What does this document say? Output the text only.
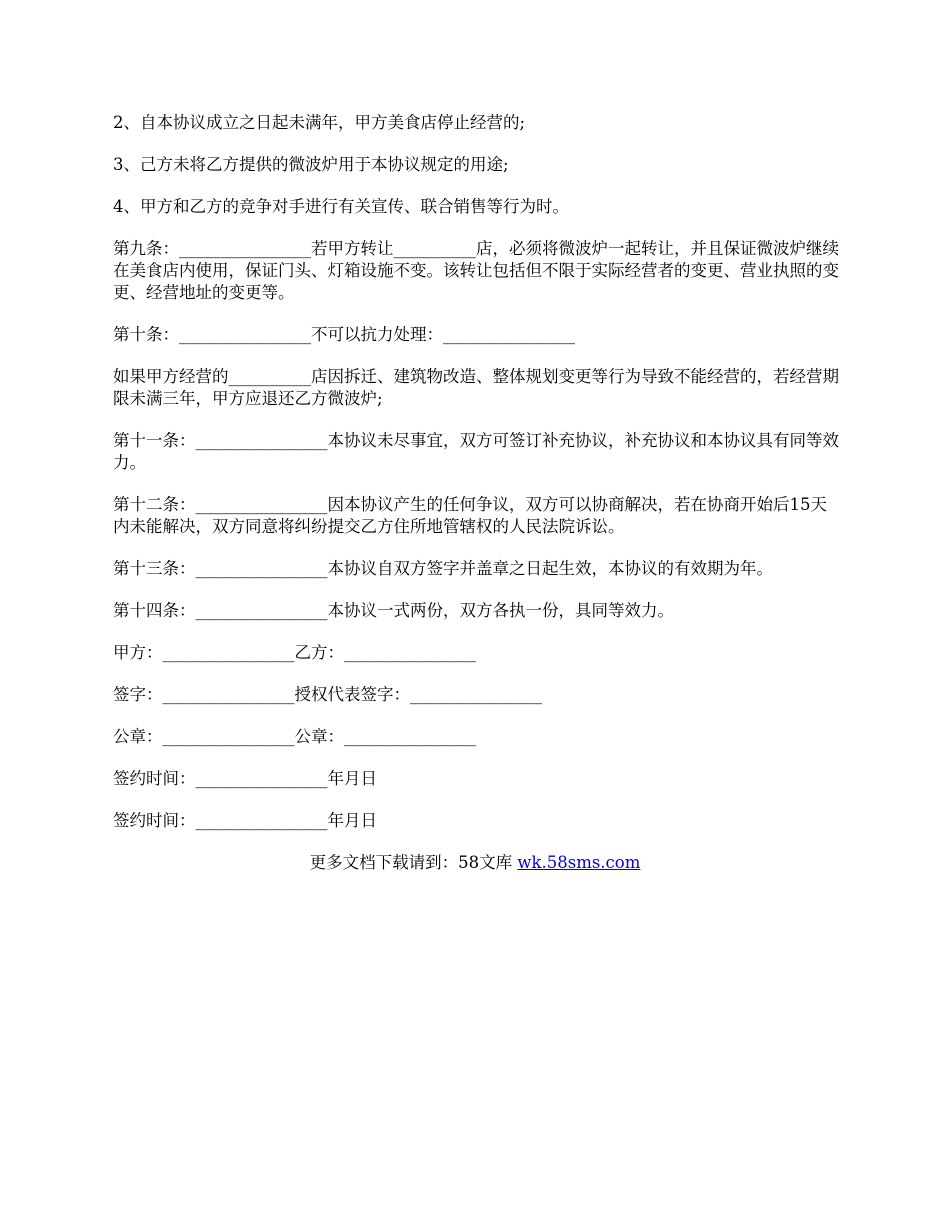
2、自本协议成立之日起未满年，甲方美食店停止经营的;

3、己方未将乙方提供的微波炉用于本协议规定的用途;

4、甲方和乙方的竞争对手进行有关宣传、联合销售等行为时。

第九条：________________若甲方转让__________店，必须将微波炉一起转让，并且保证微波炉继续在美食店内使用，保证门头、灯箱设施不变。该转让包括但不限于实际经营者的变更、营业执照的变更、经营地址的变更等。

第十条：________________不可以抗力处理：________________

如果甲方经营的__________店因拆迁、建筑物改造、整体规划变更等行为导致不能经营的，若经营期限未满三年，甲方应退还乙方微波炉;

第十一条：________________本协议未尽事宜，双方可签订补充协议，补充协议和本协议具有同等效力。

第十二条：________________因本协议产生的任何争议，双方可以协商解决，若在协商开始后15天内未能解决，双方同意将纠纷提交乙方住所地管辖权的人民法院诉讼。

第十三条：________________本协议自双方签字并盖章之日起生效，本协议的有效期为年。

第十四条：________________本协议一式两份，双方各执一份，具同等效力。

甲方：________________乙方：________________

签字：________________授权代表签字：________________

公章：________________公章：________________

签约时间：________________年月日

签约时间：________________年月日

更多文档下载请到：58文库 wk.58sms.com
